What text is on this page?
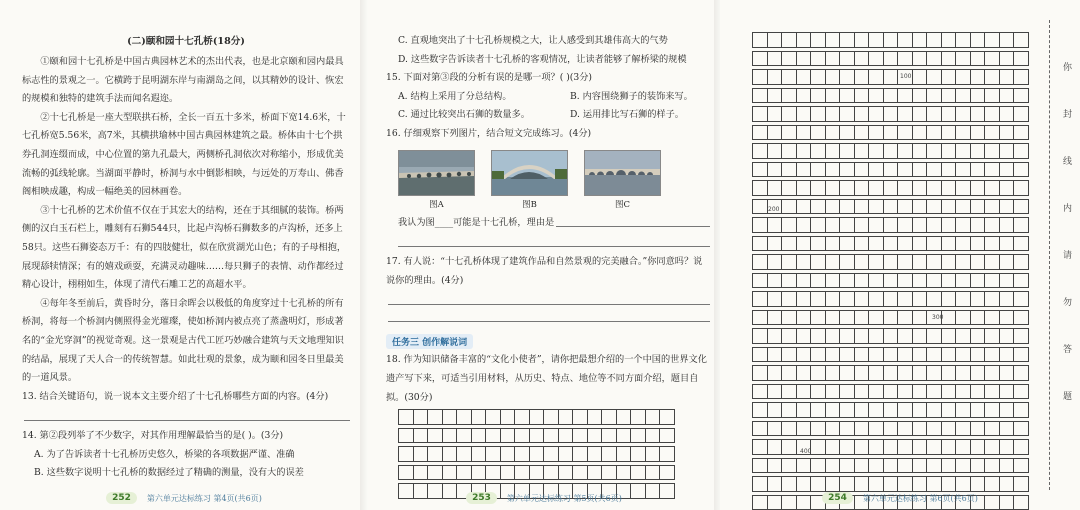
(二)颐和园十七孔桥(18分)

①颐和园十七孔桥是中国古典园林艺术的杰出代表，也是北京颐和园内最具标志性的景观之一。它横跨于昆明湖东岸与南湖岛之间，以其精妙的设计、恢宏的规模和独特的建筑手法而闻名遐迩。

②十七孔桥是一座大型联拱石桥，全长一百五十多米，桥面下宽14.6米，十七孔桥宽5.56米，高7米，其横拱瑜林中国古典园林建筑之最。桥体由十七个拱券孔洞连缀而成，中心位置的第九孔最大，两侧桥孔洞依次对称缩小，形成优美流畅的弧线轮廓。当湖面平静时，桥洞与水中倒影相映，与远处的万寿山、佛香阁相映成趣，构成一幅绝美的园林画卷。

③十七孔桥的艺术价值不仅在于其宏大的结构，还在于其细腻的装饰。桥两侧的汉白玉石栏上，雕刻有石狮544只，比起卢沟桥石狮数多的卢沟桥，还多上58只。这些石狮姿态万千：有的四肢健壮，似在欣赏湖光山色；有的子母相抱，展现舔犊情深；有的嬉戏顽耍，充满灵动趣味……每只狮子的表情、动作都经过精心设计，栩栩如生，体现了清代石雕工艺的高超水平。

④每年冬至前后，黄昏时分，落日余晖会以极低的角度穿过十七孔桥的所有桥洞，将每一个桥洞内侧照得金光璀璨，使如桥洞内被点亮了蒸盏明灯，形成著名的“金光穿洞”的视觉奇观。这一景观是古代工匠巧妙融合建筑与天文地理知识的结晶，展现了天人合一的传统智慧。如此壮观的景象，成为颐和园冬日里最美的一道风景。

13. 结合关键语句，说一说本文主要介绍了十七孔桥哪些方面的内容。(4分)

14. 第②段列举了不少数字，对其作用理解最恰当的是( )。(3分)

A. 为了告诉读者十七孔桥历史悠久，桥梁的各项数据严谨、准确

B. 这些数字说明十七孔桥的数据经过了精确的测量，没有大的误差

252	第六单元达标练习 第4页(共6页)

C. 直观地突出了十七孔桥规模之大，让人感受到其雄伟高大的气势

D. 这些数字告诉读者十七孔桥的客观情况，让读者能够了解桥梁的规模

15. 下面对第③段的分析有误的是哪一项？( )(3分)

A. 结构上采用了分总结构。	B. 内容围绕狮子的装饰来写。

C. 通过比较突出石狮的数量多。	D. 运用排比写石狮的样子。

16. 仔细观察下列图片，结合短文完成练习。(4分)

图A	图B	图C

我认为图____可能是十七孔桥，理由是

17. 有人说：“十七孔桥体现了建筑作品和自然景观的完美融合。”你同意吗？说说你的理由。(4分)

任务三 创作解说词

18. 作为知识储备丰富的“文化小使者”，请你把最想介绍的一个中国的世界文化遗产写下来，可适当引用材料，从历史、特点、地位等不同方面介绍，题目自拟。(30分)

253	第六单元达标练习 第5页(共6页)

100
200
300
400
你
封
线
内
请
勿
答
题
254	第六单元达标练习 第6页(共6页)
